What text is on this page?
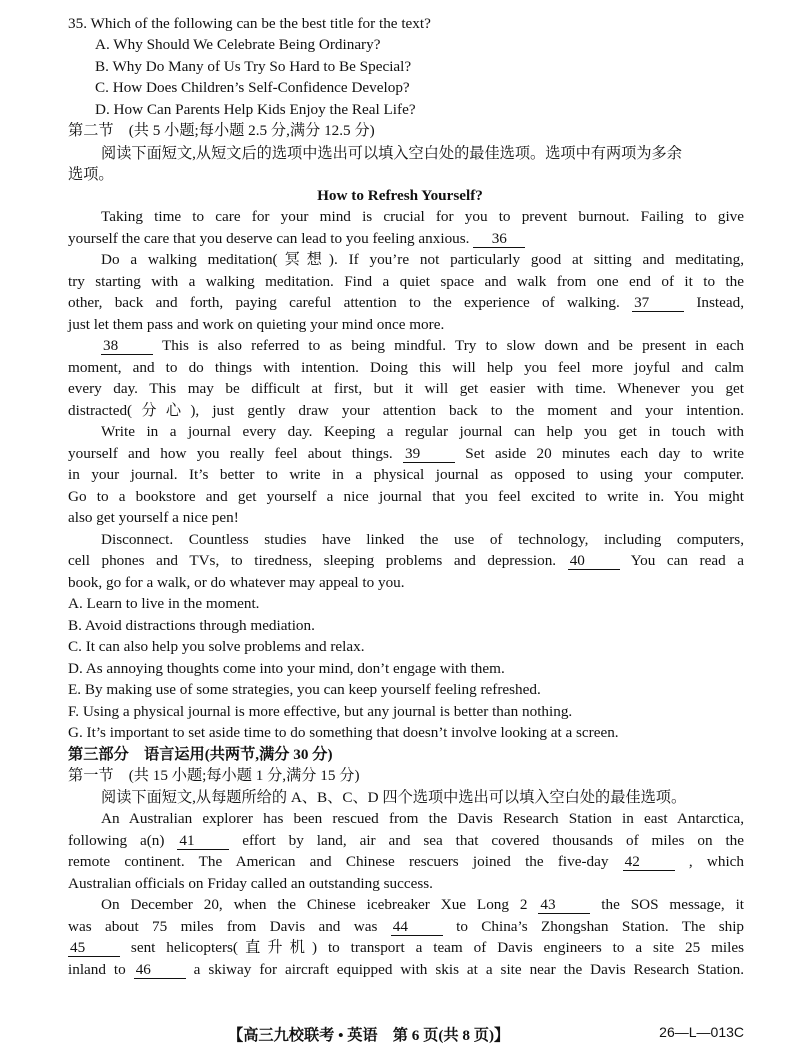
35. Which of the following can be the best title for the text?
A. Why Should We Celebrate Being Ordinary?
B. Why Do Many of Us Try So Hard to Be Special?
C. How Does Children’s Self-Confidence Develop?
D. How Can Parents Help Kids Enjoy the Real Life?
第二节　(共 5 小题;每小题 2.5 分,满分 12.5 分)
阅读下面短文,从短文后的选项中选出可以填入空白处的最佳选项。选项中有两项为多余
选项。
How to Refresh Yourself?
Taking time to care for your mind is crucial for you to prevent burnout. Failing to give
yourself the care that you deserve can lead to you feeling anxious. 36
Do a walking meditation(冥想). If you’re not particularly good at sitting and meditating,
try starting with a walking meditation. Find a quiet space and walk from one end of it to the
other, back and forth, paying careful attention to the experience of walking. 37	Instead,
just let them pass and work on quieting your mind once more.
38	This is also referred to as being mindful. Try to slow down and be present in each
moment, and to do things with intention. Doing this will help you feel more joyful and calm
every day. This may be difficult at first, but it will get easier with time. Whenever you get
distracted(分心), just gently draw your attention back to the moment and your intention.
Write in a journal every day. Keeping a regular journal can help you get in touch with
yourself and how you really feel about things. 39	Set aside 20 minutes each day to write
in your journal. It’s better to write in a physical journal as opposed to using your computer.
Go to a bookstore and get yourself a nice journal that you feel excited to write in. You might
also get yourself a nice pen!
Disconnect. Countless studies have linked the use of technology, including computers,
cell phones and TVs, to tiredness, sleeping problems and depression. 40	You can read a
book, go for a walk, or do whatever may appeal to you.
A. Learn to live in the moment.
B. Avoid distractions through mediation.
C. It can also help you solve problems and relax.
D. As annoying thoughts come into your mind, don’t engage with them.
E. By making use of some strategies, you can keep yourself feeling refreshed.
F. Using a physical journal is more effective, but any journal is better than nothing.
G. It’s important to set aside time to do something that doesn’t involve looking at a screen.
第三部分　语言运用(共两节,满分 30 分)
第一节　(共 15 小题;每小题 1 分,满分 15 分)
阅读下面短文,从每题所给的 A、B、C、D 四个选项中选出可以填入空白处的最佳选项。
An Australian explorer has been rescued from the Davis Research Station in east Antarctica,
following a(n) 41	effort by land, air and sea that covered thousands of miles on the
remote continent. The American and Chinese rescuers joined the five-day 42	, which
Australian officials on Friday called an outstanding success.
On December 20, when the Chinese icebreaker Xue Long 2 43	the SOS message, it
was about 75 miles from Davis and was 44	to China’s Zhongshan Station. The ship
45	sent helicopters(直升机) to transport a team of Davis engineers to a site 25 miles
inland to 46	a skiway for aircraft equipped with skis at a site near the Davis Research Station.
【高三九校联考 • 英语　第 6 页(共 8 页)】	26—L—013C
